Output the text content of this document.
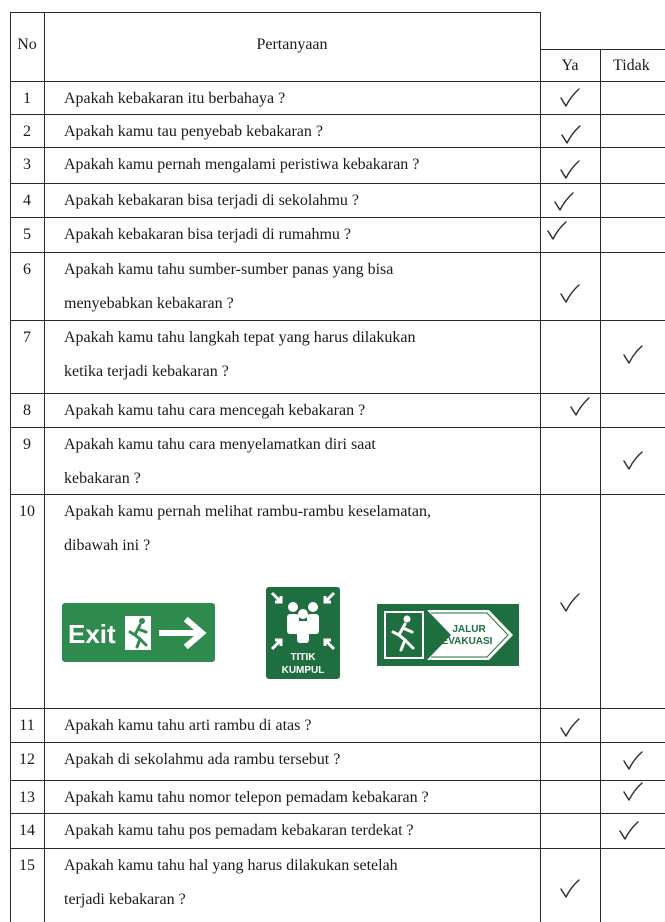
No	Pertanyaan
Ya	Tidak
1	Apakah kebakaran itu berbahaya ?
2	Apakah kamu tau penyebab kebakaran ?
3	Apakah kamu pernah mengalami peristiwa kebakaran ?
4	Apakah kebakaran bisa terjadi di sekolahmu ?
5	Apakah kebakaran bisa terjadi di rumahmu ?
6	Apakah kamu tahu sumber-sumber panas yang bisa
menyebabkan kebakaran ?
7	Apakah kamu tahu langkah tepat yang harus dilakukan
ketika terjadi kebakaran ?
8	Apakah kamu tahu cara mencegah kebakaran ?
9	Apakah kamu tahu cara menyelamatkan diri saat
kebakaran ?
10	Apakah kamu pernah melihat rambu-rambu keselamatan,
dibawah ini ?
11	Apakah kamu tahu arti rambu di atas ?
12	Apakah di sekolahmu ada rambu tersebut ?
13	Apakah kamu tahu nomor telepon pemadam kebakaran ?
14	Apakah kamu tahu pos pemadam kebakaran terdekat ?
15	Apakah kamu tahu hal yang harus dilakukan setelah
terjadi kebakaran ?
Exit
TITIK
KUMPUL
JALUR
EVAKUASI
